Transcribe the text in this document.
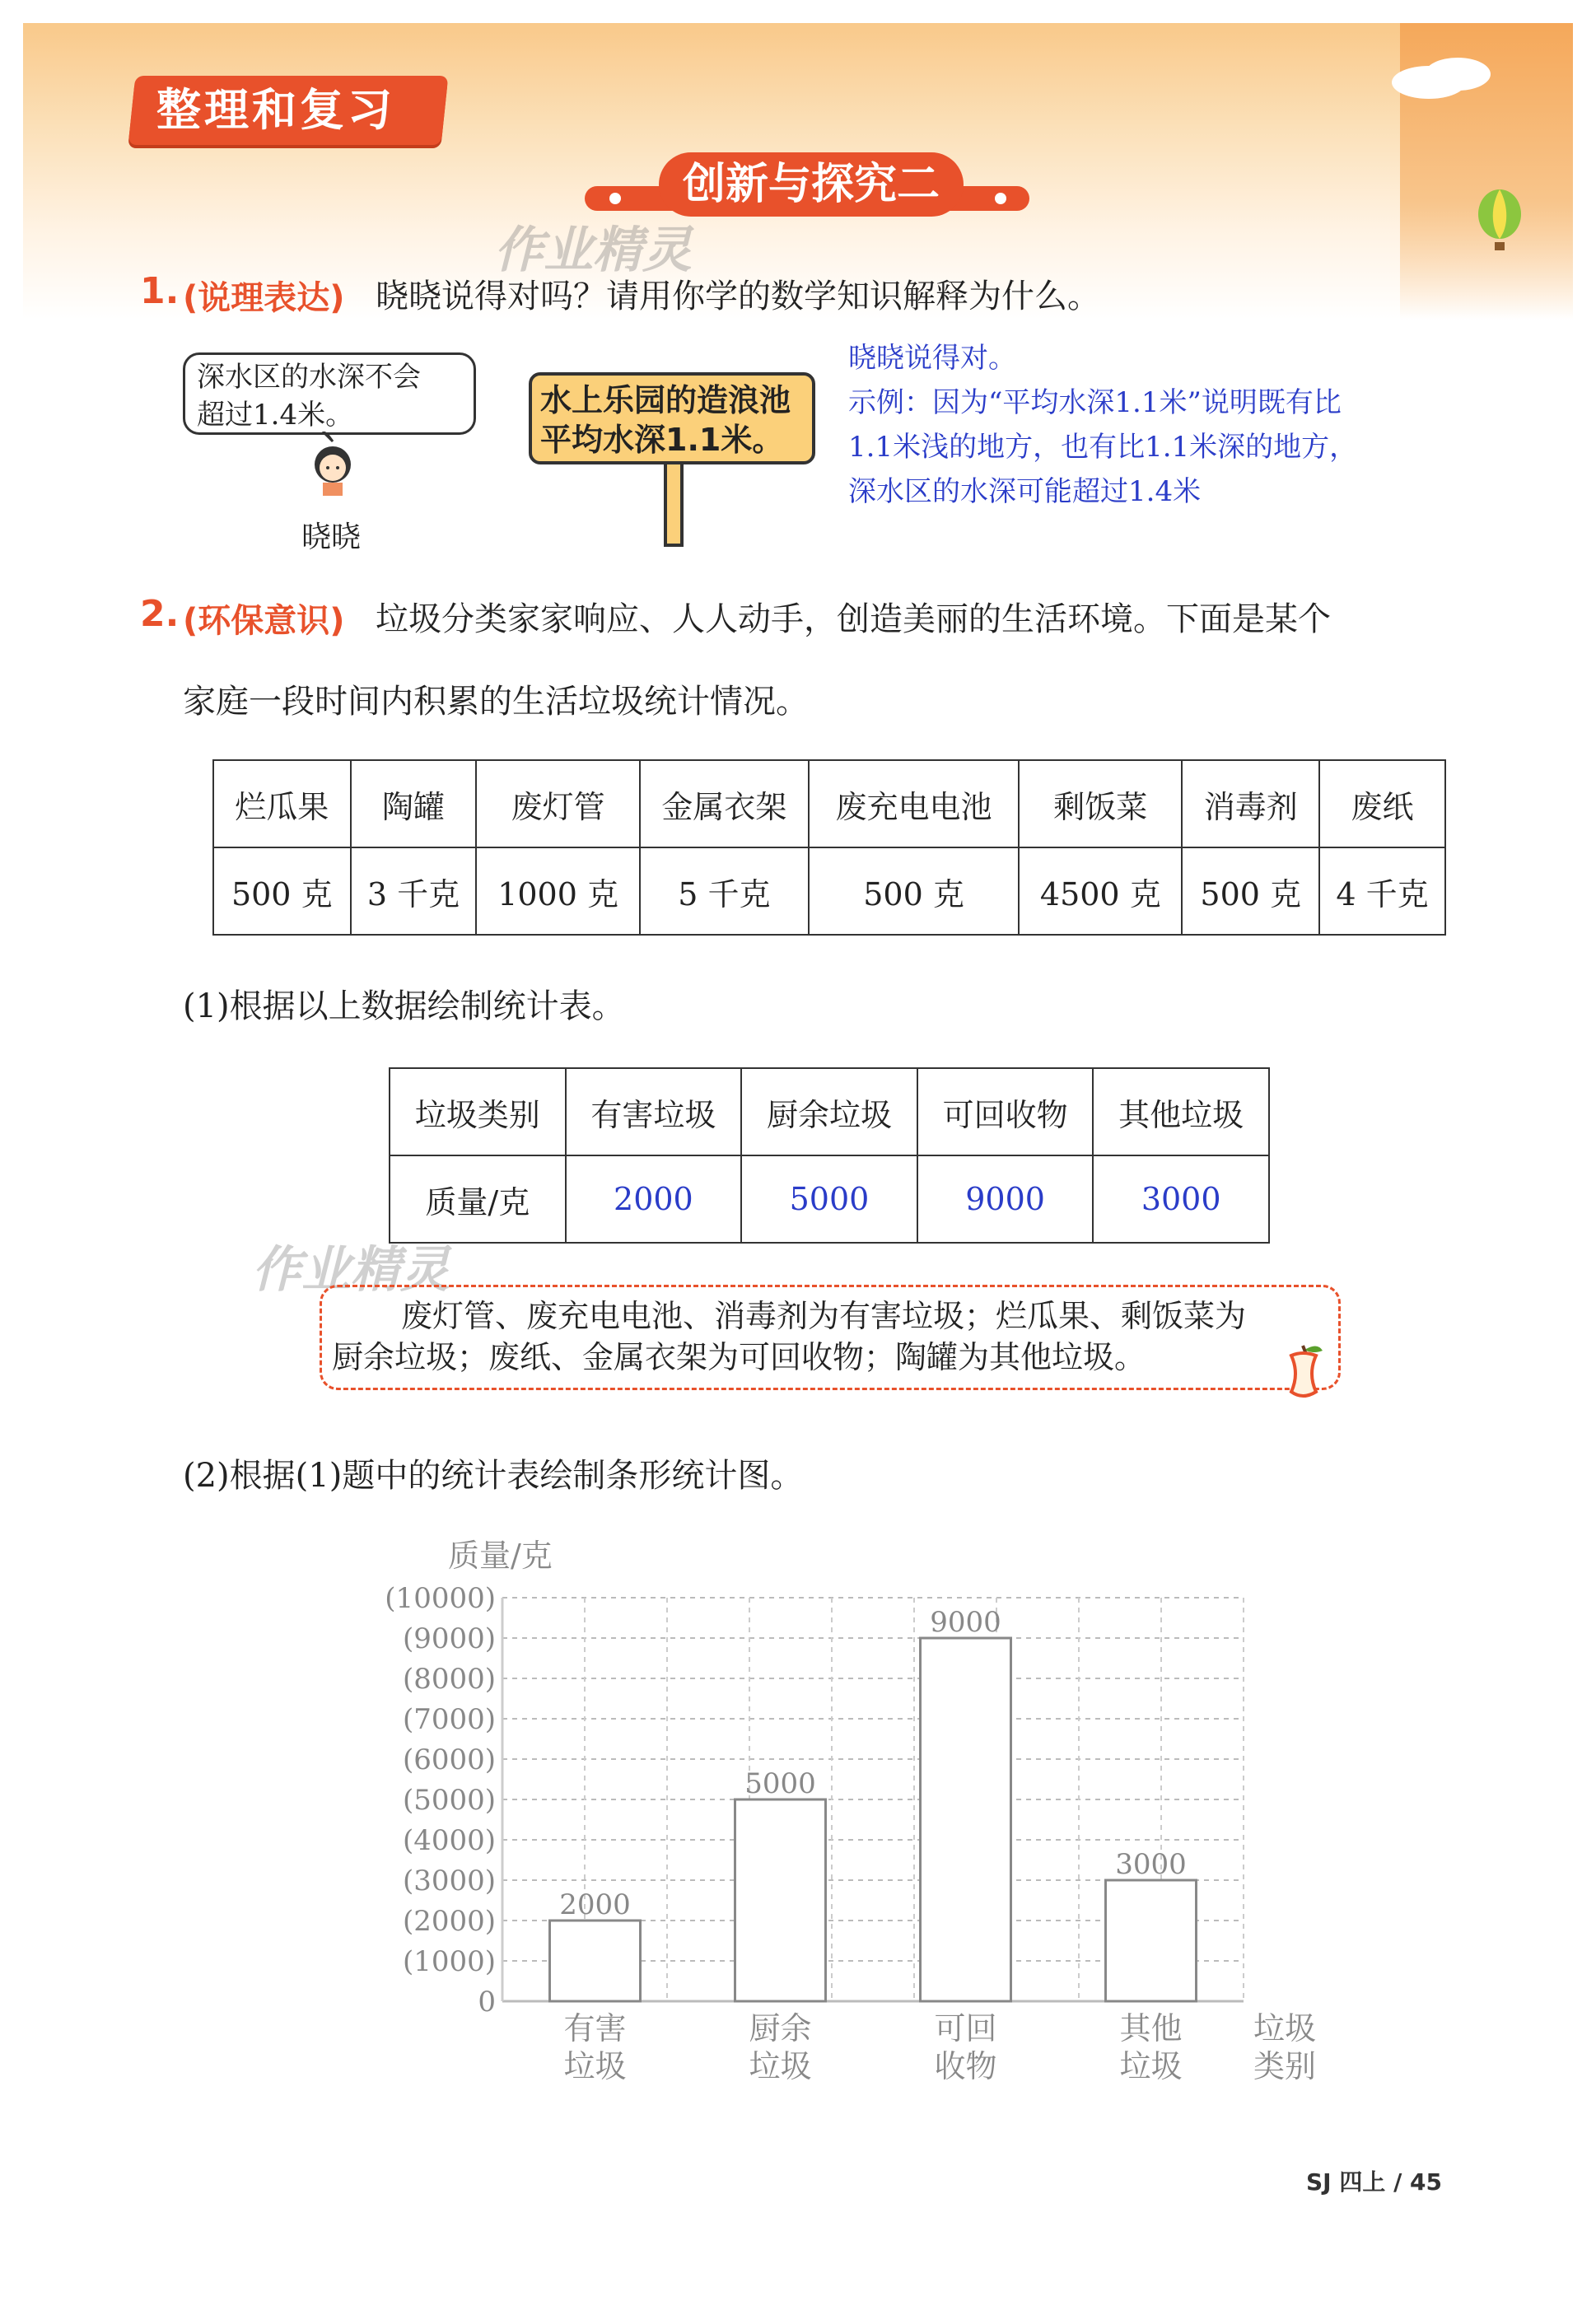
整理和复习
创新与探究二
作业精灵
1. (说理表达) 晓晓说得对吗？请用你学的数学知识解释为什么。
深水区的水深不会
超过1.4米。
晓晓
水上乐园的造浪池
平均水深1.1米。
晓晓说得对。
示例：因为“平均水深1.1米”说明既有比
1.1米浅的地方，也有比1.1米深的地方，
深水区的水深可能超过1.4米
2. (环保意识) 垃圾分类家家响应、人人动手，创造美丽的生活环境。下面是某个
家庭一段时间内积累的生活垃圾统计情况。
烂瓜果	陶罐	废灯管	金属衣架	废充电电池	剩饭菜	消毒剂	废纸
500 克	3 千克	1000 克	5 千克	500 克	4500 克	500 克	4 千克
(1)根据以上数据绘制统计表。
垃圾类别	有害垃圾	厨余垃圾	可回收物	其他垃圾
质量/克	2000	5000	9000	3000
作业精灵
废灯管、废充电电池、消毒剂为有害垃圾；烂瓜果、剩饭菜为
厨余垃圾；废纸、金属衣架为可回收物；陶罐为其他垃圾。
(2)根据(1)题中的统计表绘制条形统计图。
质量/克
0
(1000)
(2000)
(3000)
(4000)
(5000)
(6000)
(7000)
(8000)
(9000)
(10000)
2000
5000
9000
3000
有害
垃圾
厨余
垃圾
可回
收物
其他
垃圾
垃圾
类别
SJ 四上 / 45
